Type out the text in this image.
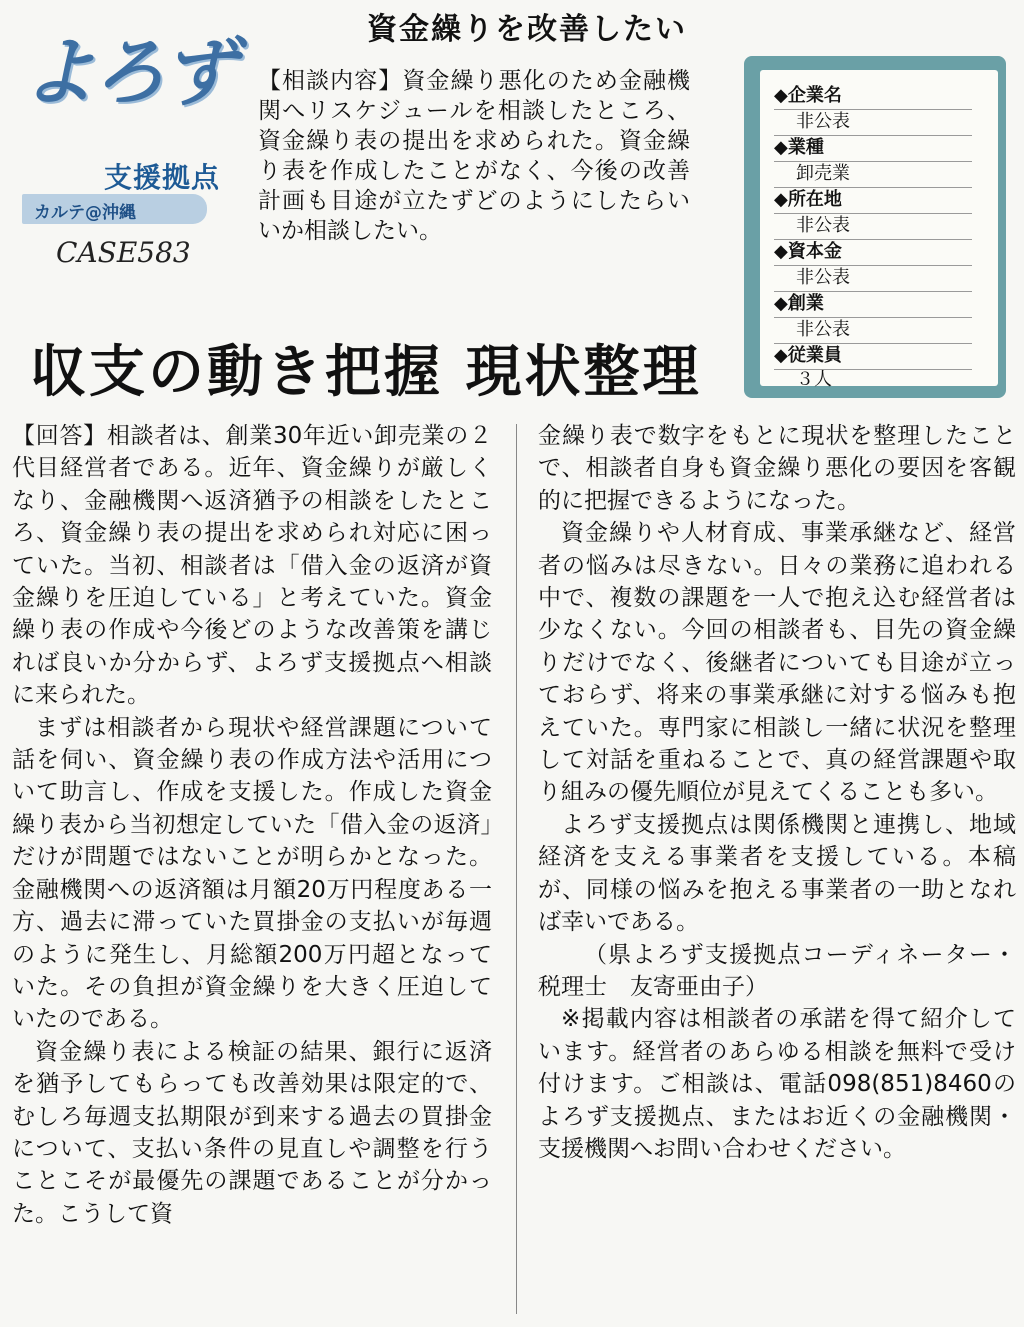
よろず
支援拠点
カルテ@沖縄
CASE583
資金繰りを改善したい
【相談内容】資金繰り悪化のため金融機関へリスケジュールを相談したところ、資金繰り表の提出を求められた。資金繰り表を作成したことがなく、今後の改善計画も目途が立たずどのようにしたらいいか相談したい。
◆企業名
非公表
◆業種
卸売業
◆所在地
非公表
◆資本金
非公表
◆創業
非公表
◆従業員
３人
収支の動き把握 現状整理

【回答】相談者は、創業30年近い卸売業の２代目経営者である。近年、資金繰りが厳しくなり、金融機関へ返済猶予の相談をしたところ、資金繰り表の提出を求められ対応に困っていた。当初、相談者は「借入金の返済が資金繰りを圧迫している」と考えていた。資金繰り表の作成や今後どのような改善策を講じれば良いか分からず、よろず支援拠点へ相談に来られた。

まずは相談者から現状や経営課題について話を伺い、資金繰り表の作成方法や活用について助言し、作成を支援した。作成した資金繰り表から当初想定していた「借入金の返済」だけが問題ではないことが明らかとなった。金融機関への返済額は月額20万円程度ある一方、過去に滞っていた買掛金の支払いが毎週のように発生し、月総額200万円超となっていた。その負担が資金繰りを大きく圧迫していたのである。

資金繰り表による検証の結果、銀行に返済を猶予してもらっても改善効果は限定的で、むしろ毎週支払期限が到来する過去の買掛金について、支払い条件の見直しや調整を行うことこそが最優先の課題であることが分かった。こうして資

金繰り表で数字をもとに現状を整理したことで、相談者自身も資金繰り悪化の要因を客観的に把握できるようになった。

資金繰りや人材育成、事業承継など、経営者の悩みは尽きない。日々の業務に追われる中で、複数の課題を一人で抱え込む経営者は少なくない。今回の相談者も、目先の資金繰りだけでなく、後継者についても目途が立っておらず、将来の事業承継に対する悩みも抱えていた。専門家に相談し一緒に状況を整理して対話を重ねることで、真の経営課題や取り組みの優先順位が見えてくることも多い。

よろず支援拠点は関係機関と連携し、地域経済を支える事業者を支援している。本稿が、同様の悩みを抱える事業者の一助となれば幸いである。

（県よろず支援拠点コーディネーター・税理士　友寄亜由子）

※掲載内容は相談者の承諾を得て紹介しています。経営者のあらゆる相談を無料で受け付けます。ご相談は、電話098(851)8460のよろず支援拠点、またはお近くの金融機関・支援機関へお問い合わせください。
